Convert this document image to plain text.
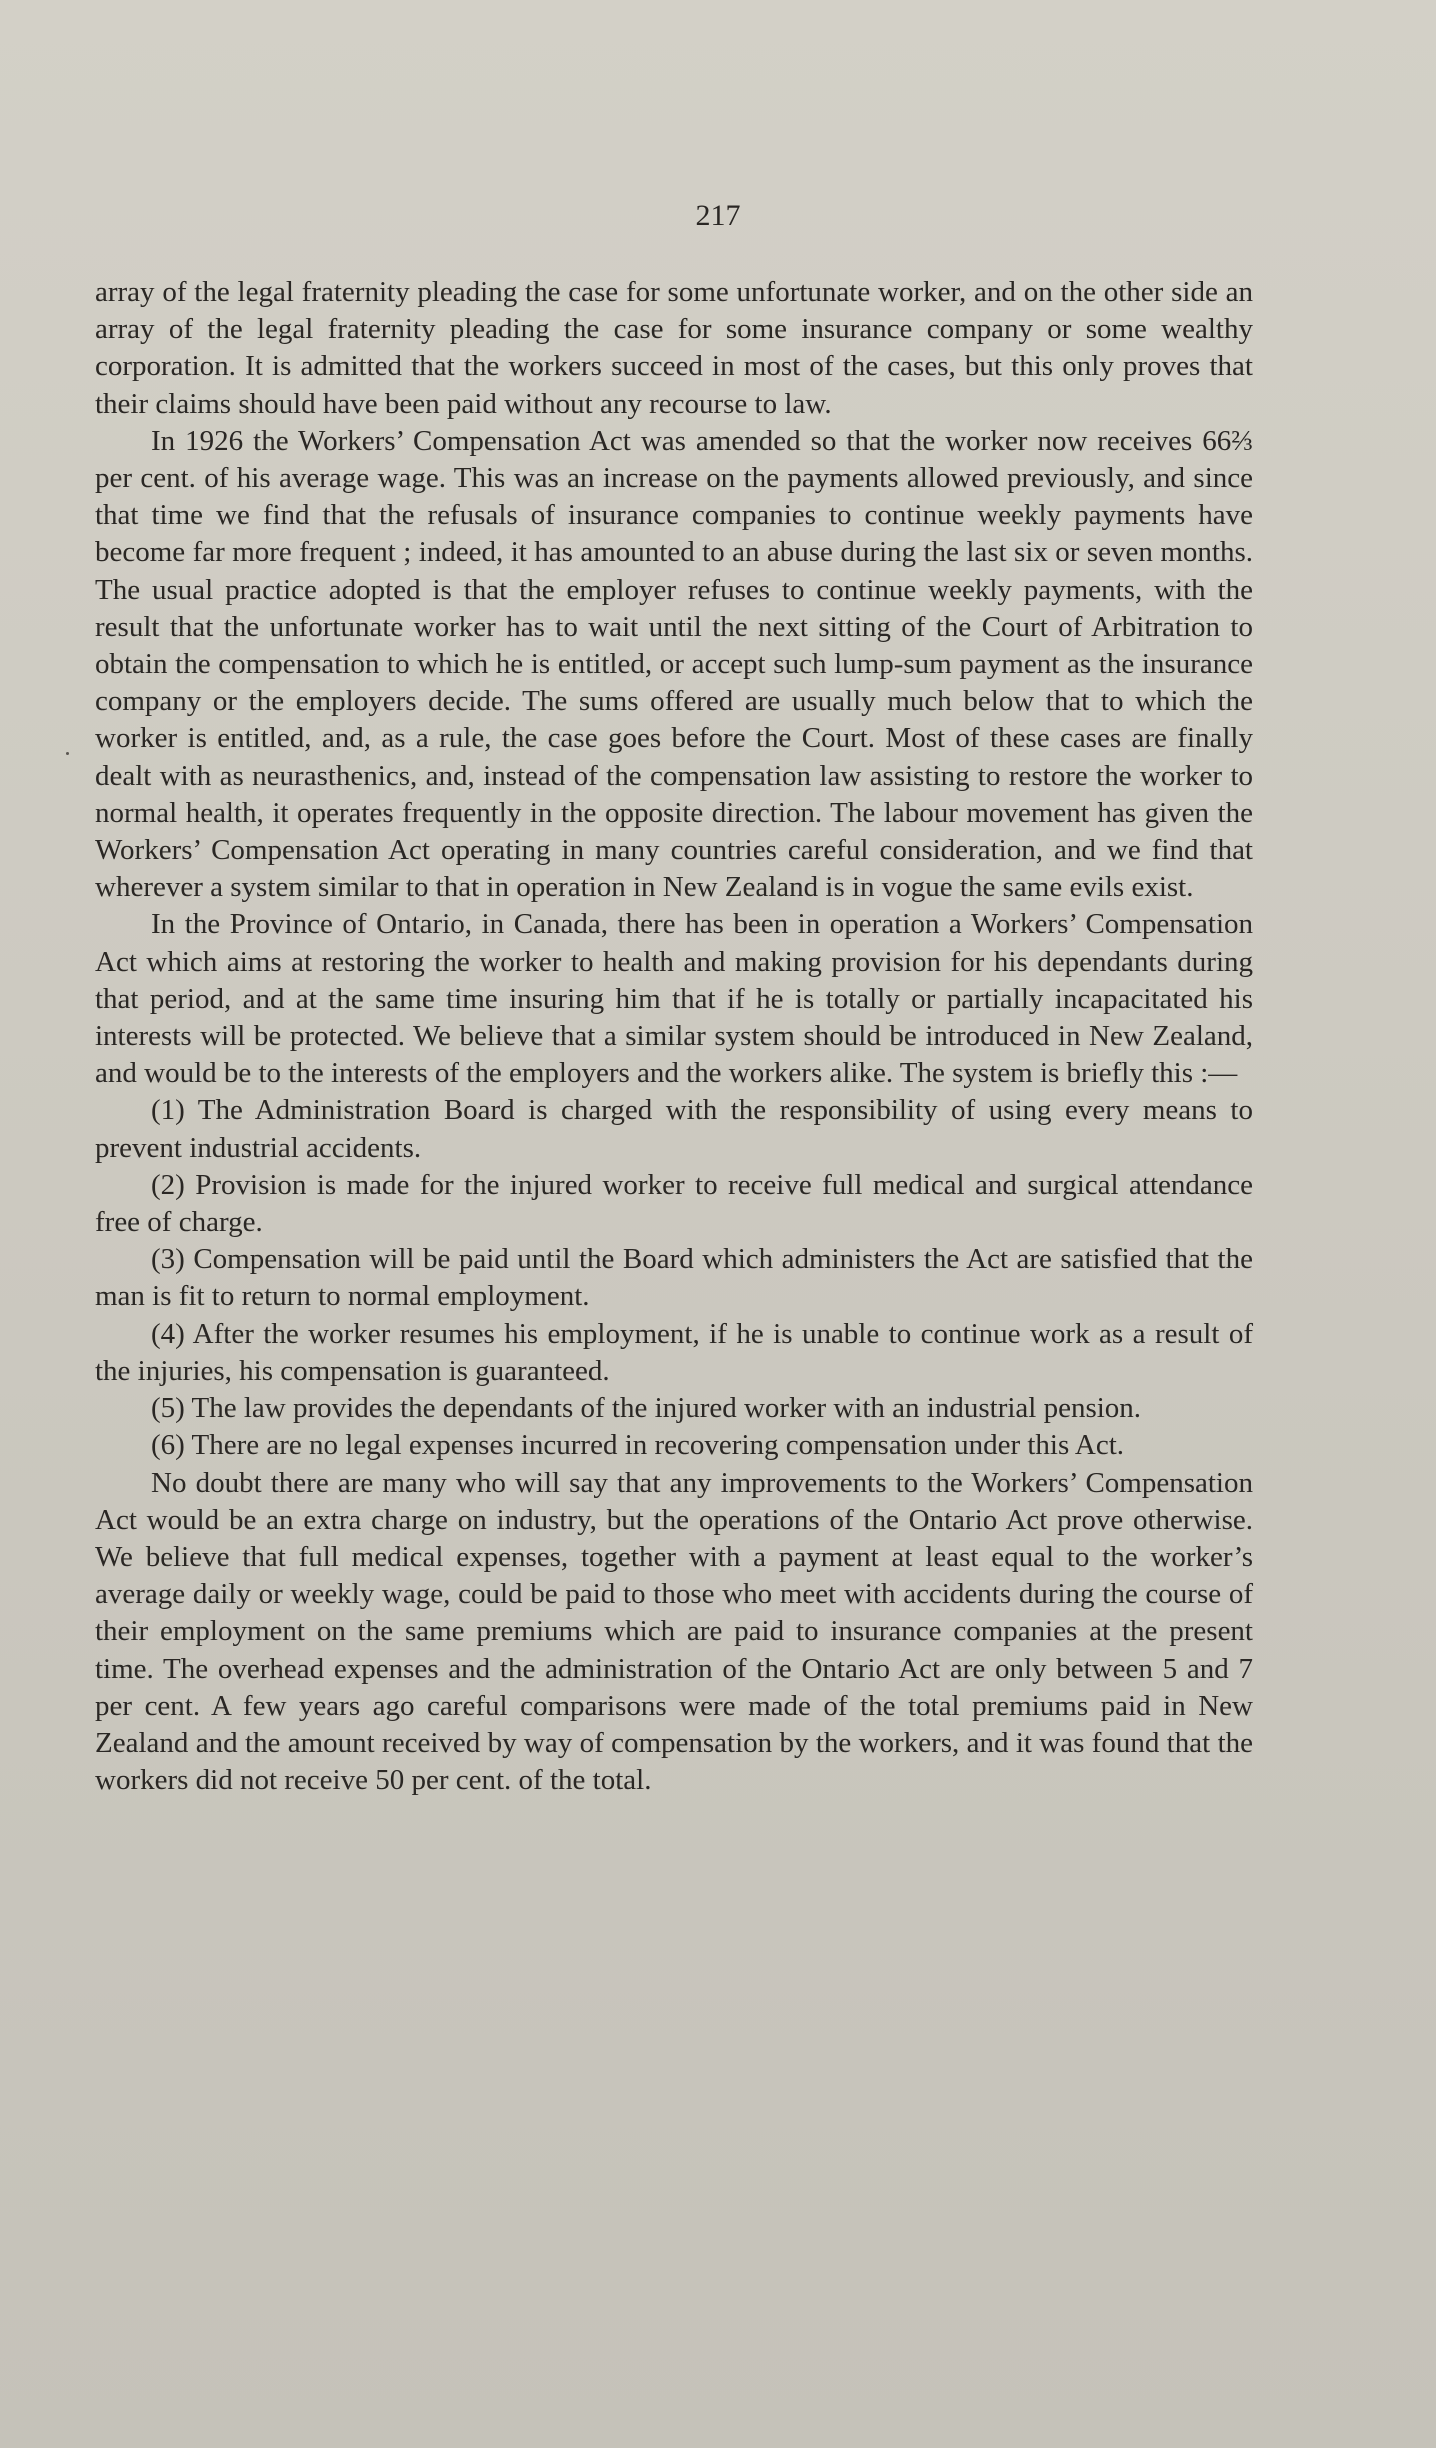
217

array of the legal fraternity pleading the case for some unfortunate worker, and on the other side an array of the legal fraternity pleading the case for some insurance company or some wealthy corporation. It is admitted that the workers succeed in most of the cases, but this only proves that their claims should have been paid without any recourse to law.

In 1926 the Workers’ Compensation Act was amended so that the worker now receives 66⅔ per cent. of his average wage. This was an increase on the payments allowed previously, and since that time we find that the refusals of insurance companies to continue weekly payments have become far more frequent ; indeed, it has amounted to an abuse during the last six or seven months. The usual practice adopted is that the employer refuses to continue weekly payments, with the result that the unfortunate worker has to wait until the next sitting of the Court of Arbitration to obtain the compensation to which he is entitled, or accept such lump-sum payment as the insurance company or the employers decide. The sums offered are usually much below that to which the worker is entitled, and, as a rule, the case goes before the Court. Most of these cases are finally dealt with as neurasthenics, and, instead of the compensation law assisting to restore the worker to normal health, it operates frequently in the opposite direction. The labour movement has given the Workers’ Compensation Act operating in many countries careful consideration, and we find that wherever a system similar to that in operation in New Zealand is in vogue the same evils exist.

In the Province of Ontario, in Canada, there has been in operation a Workers’ Compensation Act which aims at restoring the worker to health and making provision for his dependants during that period, and at the same time insuring him that if he is totally or partially incapacitated his interests will be protected. We believe that a similar system should be introduced in New Zealand, and would be to the interests of the employers and the workers alike. The system is briefly this :—

(1) The Administration Board is charged with the responsibility of using every means to prevent industrial accidents.

(2) Provision is made for the injured worker to receive full medical and surgical attendance free of charge.

(3) Compensation will be paid until the Board which administers the Act are satisfied that the man is fit to return to normal employment.

(4) After the worker resumes his employment, if he is unable to continue work as a result of the injuries, his compensation is guaranteed.

(5) The law provides the dependants of the injured worker with an industrial pension.

(6) There are no legal expenses incurred in recovering compensation under this Act.

No doubt there are many who will say that any improvements to the Workers’ Compensation Act would be an extra charge on industry, but the operations of the Ontario Act prove otherwise. We believe that full medical expenses, together with a payment at least equal to the worker’s average daily or weekly wage, could be paid to those who meet with accidents during the course of their employment on the same premiums which are paid to insurance companies at the present time. The overhead expenses and the administration of the Ontario Act are only between 5 and 7 per cent. A few years ago careful comparisons were made of the total premiums paid in New Zealand and the amount received by way of compensation by the workers, and it was found that the workers did not receive 50 per cent. of the total.
